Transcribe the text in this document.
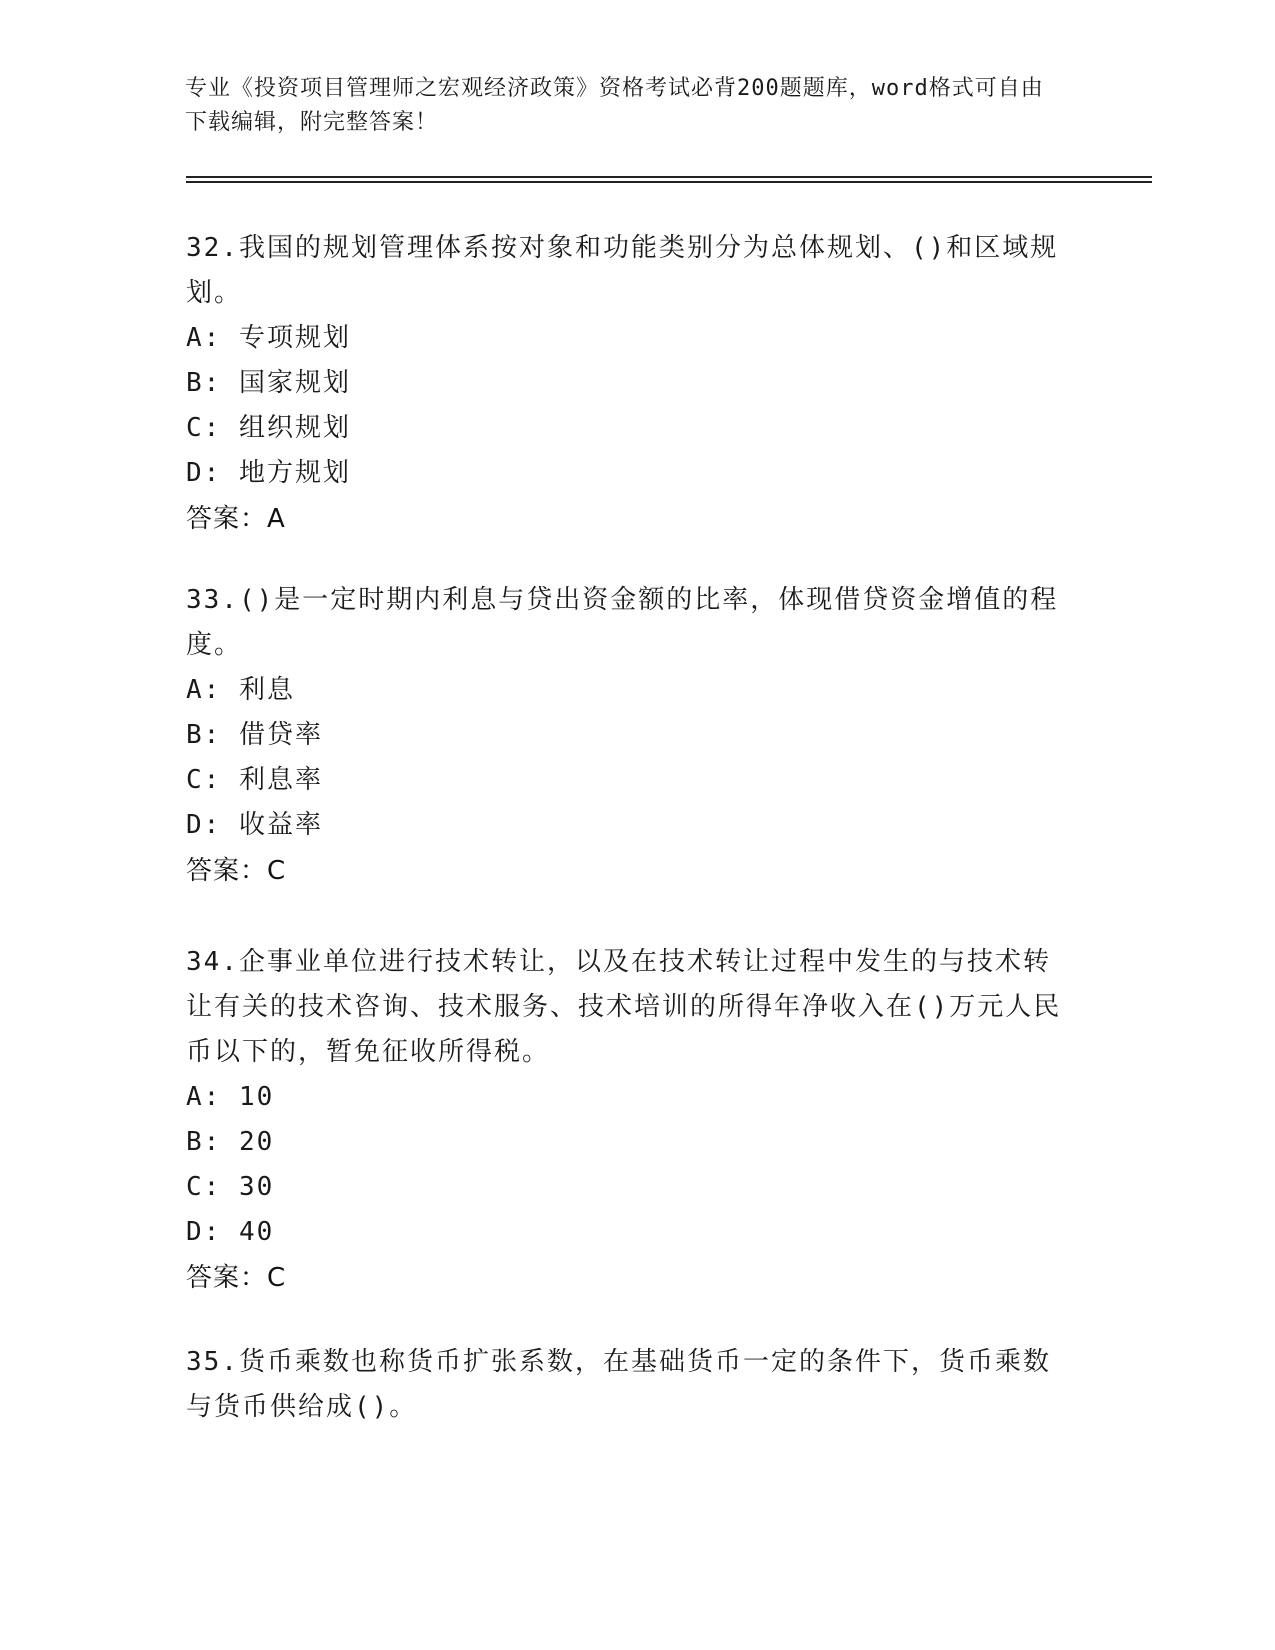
专业《投资项目管理师之宏观经济政策》资格考试必背200题题库，word格式可自由下载编辑，附完整答案！

32.我国的规划管理体系按对象和功能类别分为总体规划、()和区域规划。

A: 专项规划

B: 国家规划

C: 组织规划

D: 地方规划

答案：A

33.()是一定时期内利息与贷出资金额的比率，体现借贷资金增值的程度。

A: 利息

B: 借贷率

C: 利息率

D: 收益率

答案：C

34.企事业单位进行技术转让，以及在技术转让过程中发生的与技术转让有关的技术咨询、技术服务、技术培训的所得年净收入在()万元人民币以下的，暂免征收所得税。

A: 10

B: 20

C: 30

D: 40

答案：C

35.货币乘数也称货币扩张系数，在基础货币一定的条件下，货币乘数与货币供给成()。
